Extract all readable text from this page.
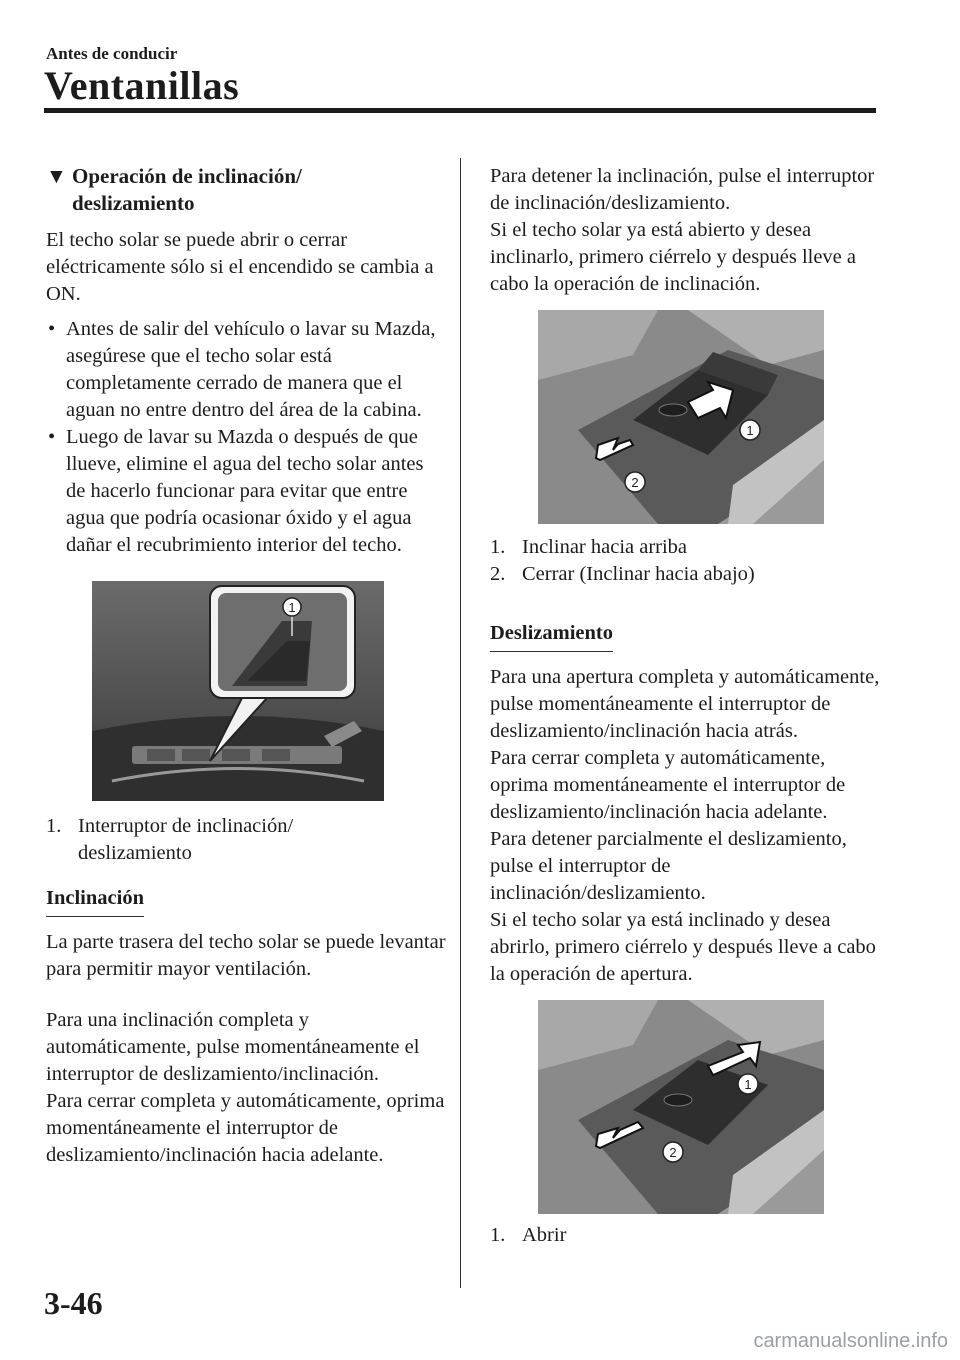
Antes de conducir
Ventanillas
▼ Operación de inclinación/ deslizamiento

El techo solar se puede abrir o cerrar eléctricamente sólo si el encendido se cambia a ON.

• Antes de salir del vehículo o lavar su Mazda, asegúrese que el techo solar está completamente cerrado de manera que el aguan no entre dentro del área de la cabina.
• Luego de lavar su Mazda o después de que llueve, elimine el agua del techo solar antes de hacerlo funcionar para evitar que entre agua que podría ocasionar óxido y el agua dañar el recubrimiento interior del techo.
1
1. Interruptor de inclinación/ deslizamiento
Inclinación

La parte trasera del techo solar se puede levantar para permitir mayor ventilación.

Para una inclinación completa y automáticamente, pulse momentáneamente el interruptor de deslizamiento/inclinación.

Para cerrar completa y automáticamente, oprima momentáneamente el interruptor de deslizamiento/inclinación hacia adelante.

Para detener la inclinación, pulse el interruptor de inclinación/deslizamiento.

Si el techo solar ya está abierto y desea inclinarlo, primero ciérrelo y después lleve a cabo la operación de inclinación.

1
2
1. Inclinar hacia arriba
2. Cerrar (Inclinar hacia abajo)
Deslizamiento

Para una apertura completa y automáticamente, pulse momentáneamente el interruptor de deslizamiento/inclinación hacia atrás.

Para cerrar completa y automáticamente, oprima momentáneamente el interruptor de deslizamiento/inclinación hacia adelante.

Para detener parcialmente el deslizamiento, pulse el interruptor de inclinación/deslizamiento.

Si el techo solar ya está inclinado y desea abrirlo, primero ciérrelo y después lleve a cabo la operación de apertura.

1
2
1. Abrir
3-46
carmanualsonline.info
